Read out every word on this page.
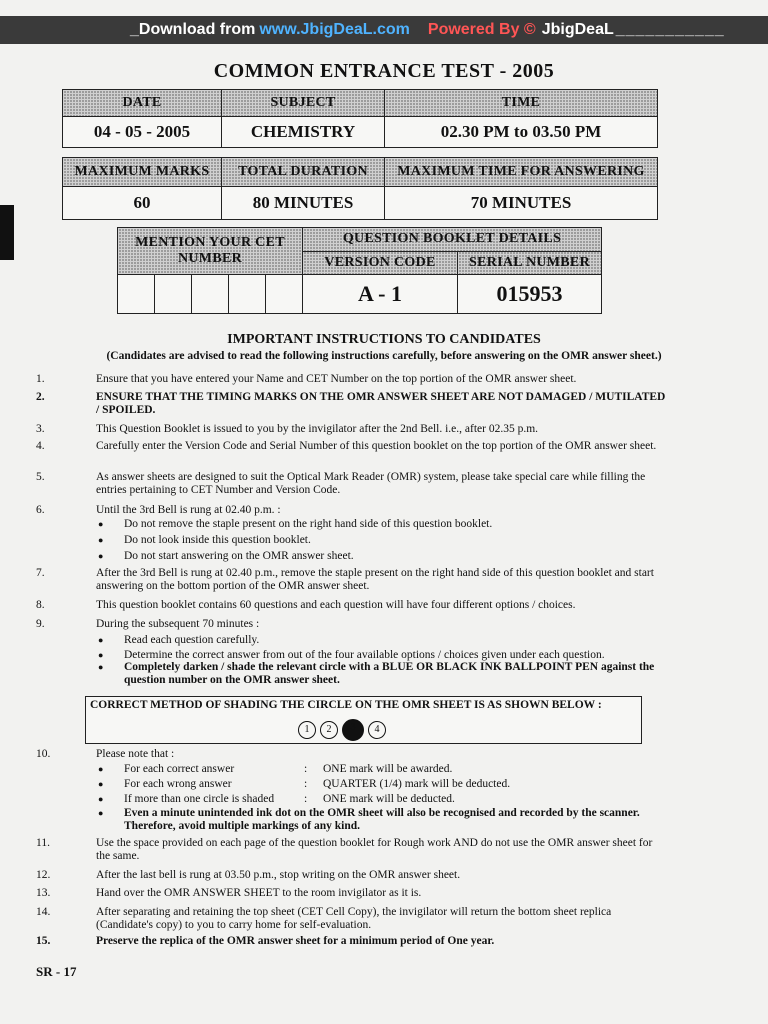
_Download fromwww.JbigDeaL.com Powered By © JbigDeaL ___________
COMMON ENTRANCE TEST - 2005
DATE	SUBJECT	TIME
04 - 05 - 2005	CHEMISTRY	02.30 PM to 03.50 PM
MAXIMUM MARKS	TOTAL DURATION	MAXIMUM TIME FOR ANSWERING
60	80 MINUTES	70 MINUTES
MENTION YOUR CET NUMBER					QUESTION BOOKLET DETAILS	
					VERSION CODE	SERIAL NUMBER
					A - 1	015953
IMPORTANT INSTRUCTIONS TO CANDIDATES
(Candidates are advised to read the following instructions carefully, before answering on the OMR answer sheet.)
1.	Ensure that you have entered your Name and CET Number on the top portion of the OMR answer sheet.
2.	ENSURE THAT THE TIMING MARKS ON THE OMR ANSWER SHEET ARE NOT DAMAGED / MUTILATED / SPOILED.
3.	This Question Booklet is issued to you by the invigilator after the 2nd Bell. i.e., after 02.35 p.m.
4.	Carefully enter the Version Code and Serial Number of this question booklet on the top portion of the OMR answer sheet.
5.	As answer sheets are designed to suit the Optical Mark Reader (OMR) system, please take special care while filling the entries pertaining to CET Number and Version Code.
6.	Until the 3rd Bell is rung at 02.40 p.m. :
● Do not remove the staple present on the right hand side of this question booklet.
● Do not look inside this question booklet.
● Do not start answering on the OMR answer sheet.
7.	After the 3rd Bell is rung at 02.40 p.m., remove the staple present on the right hand side of this question booklet and start answering on the bottom portion of the OMR answer sheet.
8.	This question booklet contains 60 questions and each question will have four different options / choices.
9.	During the subsequent 70 minutes :
● Read each question carefully.
● Determine the correct answer from out of the four available options / choices given under each question.
● Completely darken / shade the relevant circle with a BLUE OR BLACK INK BALLPOINT PEN against the question number on the OMR answer sheet.
CORRECT METHOD OF SHADING THE CIRCLE ON THE OMR SHEET IS AS SHOWN BELOW :
1 2 3 4
10.	Please note that :
For each correct answer	: ONE mark will be awarded.
For each wrong answer	: QUARTER (1/4) mark will be deducted.
If more than one circle is shaded	: ONE mark will be deducted.
● Even a minute unintended ink dot on the OMR sheet will also be recognised and recorded by the scanner. Therefore, avoid multiple markings of any kind.
11.	Use the space provided on each page of the question booklet for Rough work AND do not use the OMR answer sheet for the same.
12.	After the last bell is rung at 03.50 p.m., stop writing on the OMR answer sheet.
13.	Hand over the OMR ANSWER SHEET to the room invigilator as it is.
14.	After separating and retaining the top sheet (CET Cell Copy), the invigilator will return the bottom sheet replica (Candidate's copy) to you to carry home for self-evaluation.
15.	Preserve the replica of the OMR answer sheet for a minimum period of One year.
SR - 17
